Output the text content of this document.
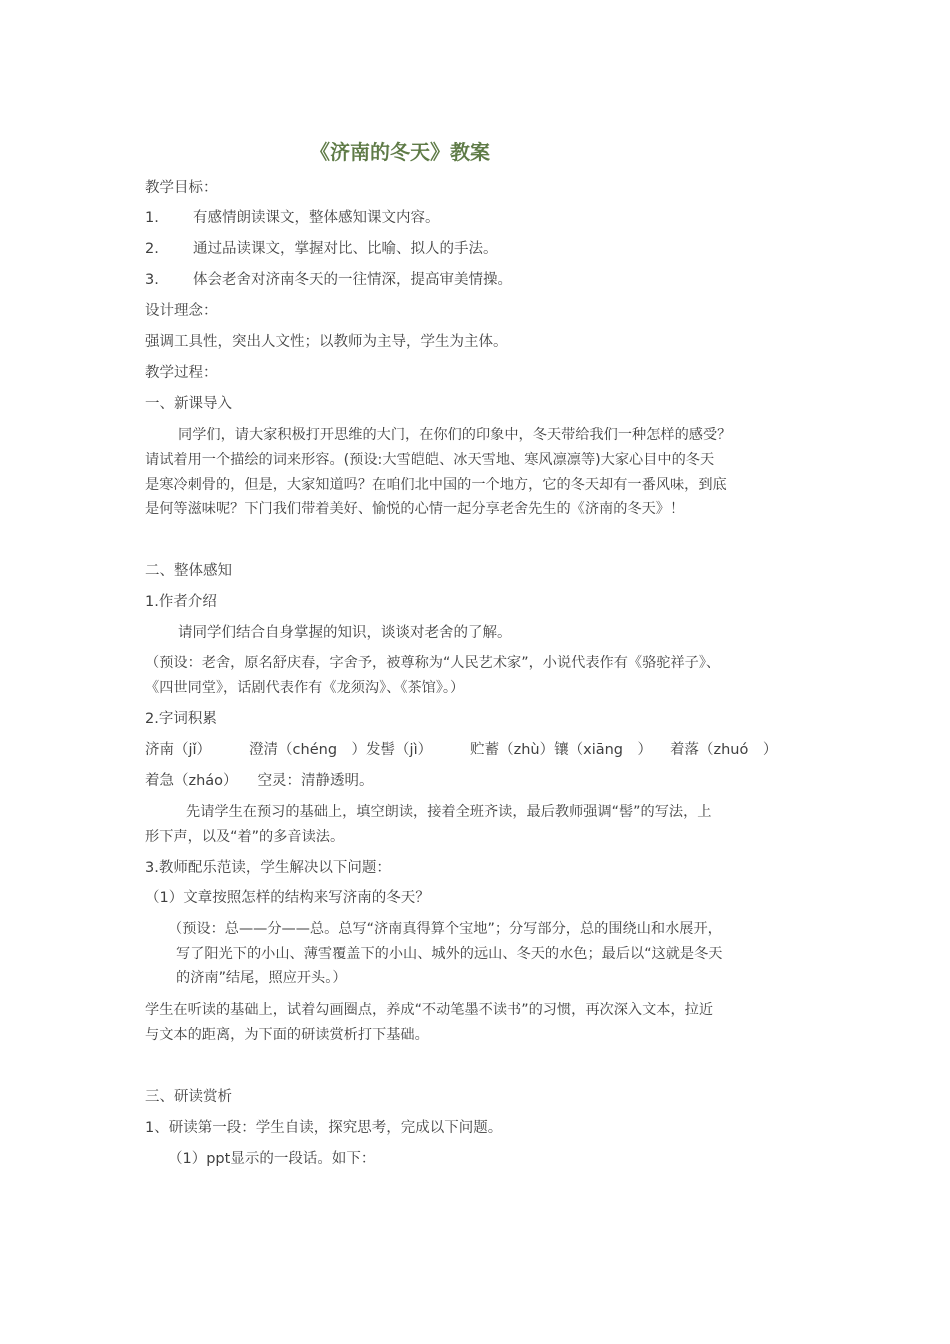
《济南的冬天》教案
教学目标：
1. 有感情朗读课文，整体感知课文内容。
2. 通过品读课文，掌握对比、比喻、拟人的手法。
3. 体会老舍对济南冬天的一往情深，提高审美情操。
设计理念：
强调工具性，突出人文性；以教师为主导，学生为主体。
教学过程：
一、新课导入
同学们，请大家积极打开思维的大门，在你们的印象中，冬天带给我们一种怎样的感受？
请试着用一个描绘的词来形容。(预设:大雪皑皑、冰天雪地、寒风凛凛等)大家心目中的冬天
是寒冷刺骨的，但是，大家知道吗？在咱们北中国的一个地方，它的冬天却有一番风味，到底
是何等滋味呢？下门我们带着美好、愉悦的心情一起分享老舍先生的《济南的冬天》！
二、整体感知
1.作者介绍
请同学们结合自身掌握的知识，谈谈对老舍的了解。
（预设：老舍，原名舒庆春，字舍予，被尊称为“人民艺术家”，小说代表作有《骆驼祥子》、
《四世同堂》，话剧代表作有《龙须沟》、《茶馆》。）
2.字词积累
济南（jǐ）	澄清（chéng　）发髻（jì）	贮蓄（zhù）镶（xiāng　） 着落（zhuó　）
着急（zháo） 空灵：清静透明。
先请学生在预习的基础上，填空朗读，接着全班齐读，最后教师强调“髻”的写法，上
形下声，以及“着”的多音读法。
3.教师配乐范读，学生解决以下问题：
（1）文章按照怎样的结构来写济南的冬天？
（预设：总——分——总。总写“济南真得算个宝地”；分写部分，总的围绕山和水展开，
写了阳光下的小山、薄雪覆盖下的小山、城外的远山、冬天的水色；最后以“这就是冬天
的济南”结尾，照应开头。）
学生在听读的基础上，试着勾画圈点，养成“不动笔墨不读书”的习惯，再次深入文本，拉近
与文本的距离，为下面的研读赏析打下基础。
三、研读赏析
1、研读第一段：学生自读，探究思考，完成以下问题。
（1）ppt显示的一段话。如下：
